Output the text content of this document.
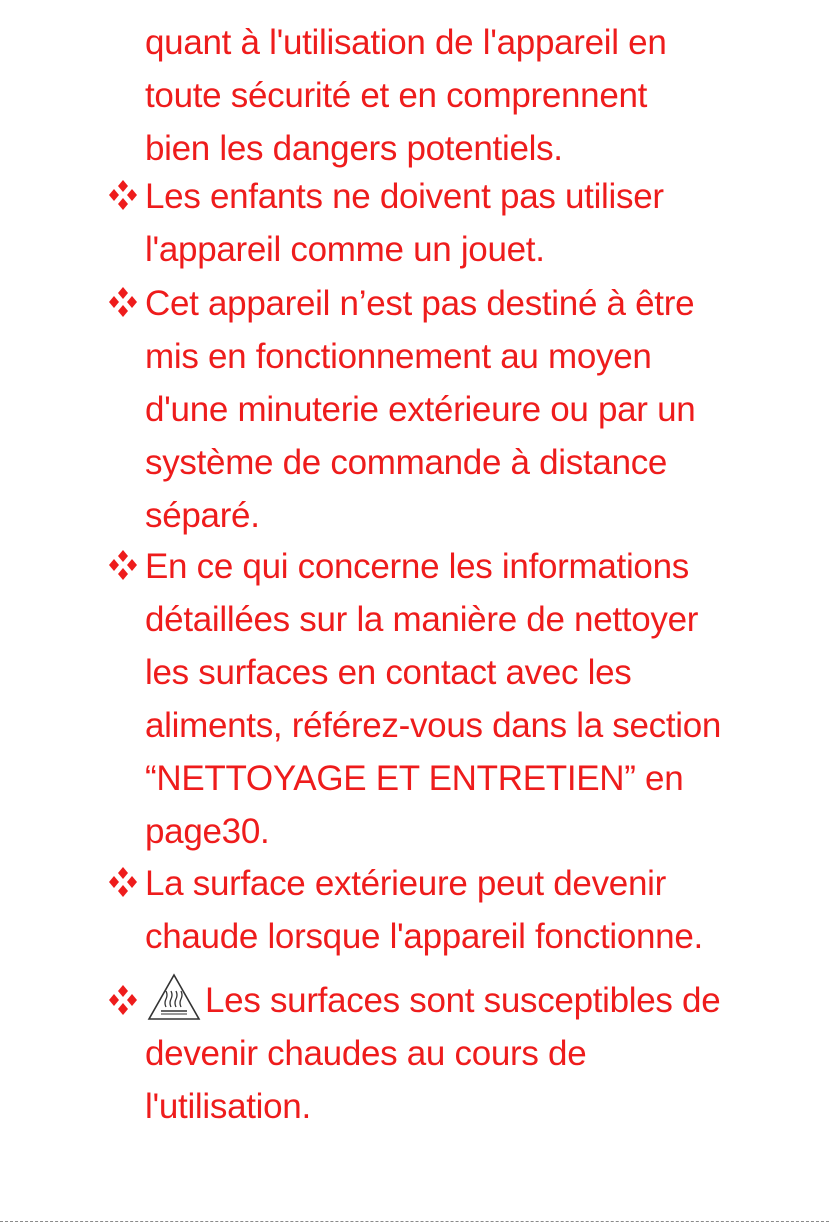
quant à l'utilisation de l'appareil en
toute sécurité et en comprennent
bien les dangers potentiels.
Les enfants ne doivent pas utiliser
l'appareil comme un jouet.
Cet appareil n’est pas destiné à être
mis en fonctionnement au moyen
d'une minuterie extérieure ou par un
système de commande à distance
séparé.
En ce qui concerne les informations
détaillées sur la manière de nettoyer
les surfaces en contact avec les
aliments, référez-vous dans la section
“NETTOYAGE ET ENTRETIEN” en
page30.
La surface extérieure peut devenir
chaude lorsque l'appareil fonctionne.
Les surfaces sont susceptibles de
devenir chaudes au cours de
l'utilisation.
